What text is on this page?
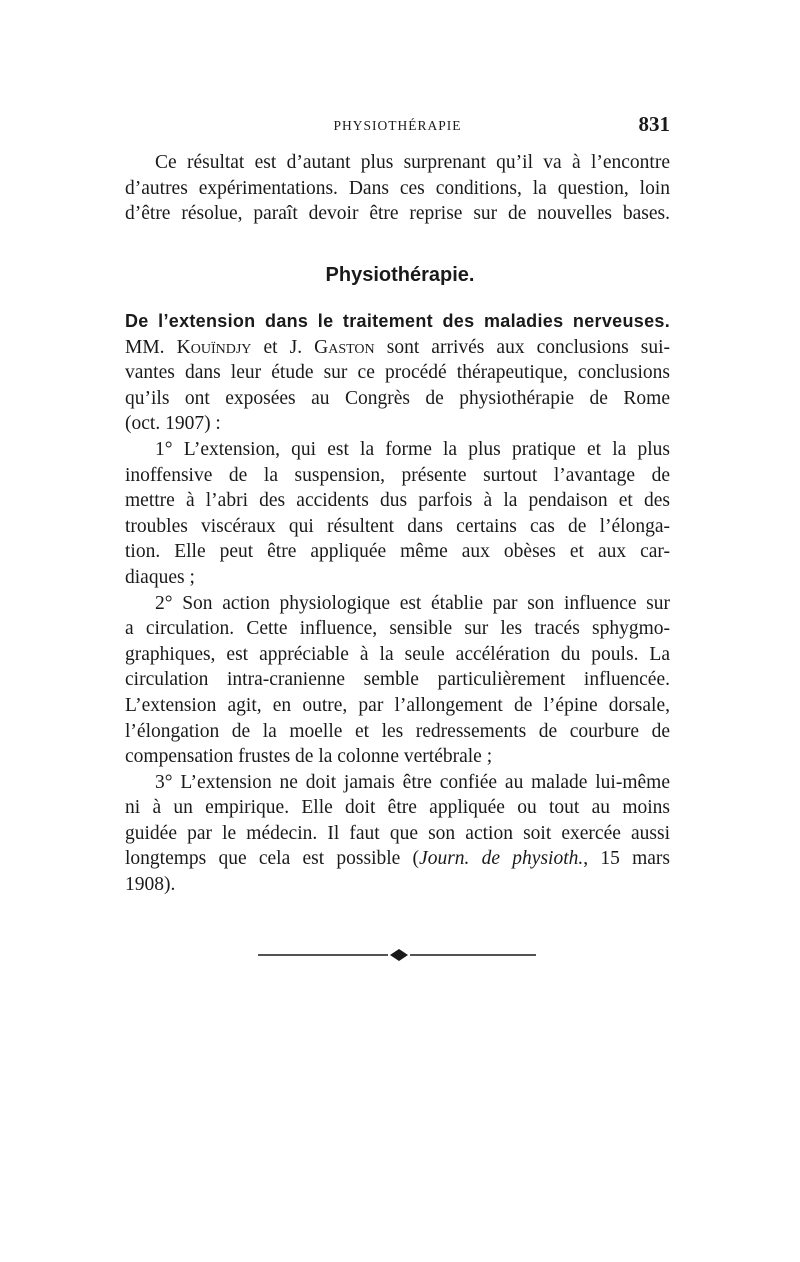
PHYSIOTHÉRAPIE	831
Ce résultat est d’autant plus surprenant qu’il va à l’encontre
d’autres expérimentations. Dans ces conditions, la question, loin
d’être résolue, paraît devoir être reprise sur de nouvelles bases.
Physiothérapie.
De l’extension dans le traitement des maladies nerveuses.
MM. Kouïndjy et J. Gaston sont arrivés aux conclusions sui-
vantes dans leur étude sur ce procédé thérapeutique, conclusions
qu’ils ont exposées au Congrès de physiothérapie de Rome
(oct. 1907) :
1° L’extension, qui est la forme la plus pratique et la plus
inoffensive de la suspension, présente surtout l’avantage de
mettre à l’abri des accidents dus parfois à la pendaison et des
troubles viscéraux qui résultent dans certains cas de l’élonga-
tion. Elle peut être appliquée même aux obèses et aux car-
diaques ;
2° Son action physiologique est établie par son influence sur
a circulation. Cette influence, sensible sur les tracés sphygmo-
graphiques, est appréciable à la seule accélération du pouls. La
circulation intra-cranienne semble particulièrement influencée.
L’extension agit, en outre, par l’allongement de l’épine dorsale,
l’élongation de la moelle et les redressements de courbure de
compensation frustes de la colonne vertébrale ;
3° L’extension ne doit jamais être confiée au malade lui-même
ni à un empirique. Elle doit être appliquée ou tout au moins
guidée par le médecin. Il faut que son action soit exercée aussi
longtemps que cela est possible (Journ. de physioth., 15 mars
1908).
